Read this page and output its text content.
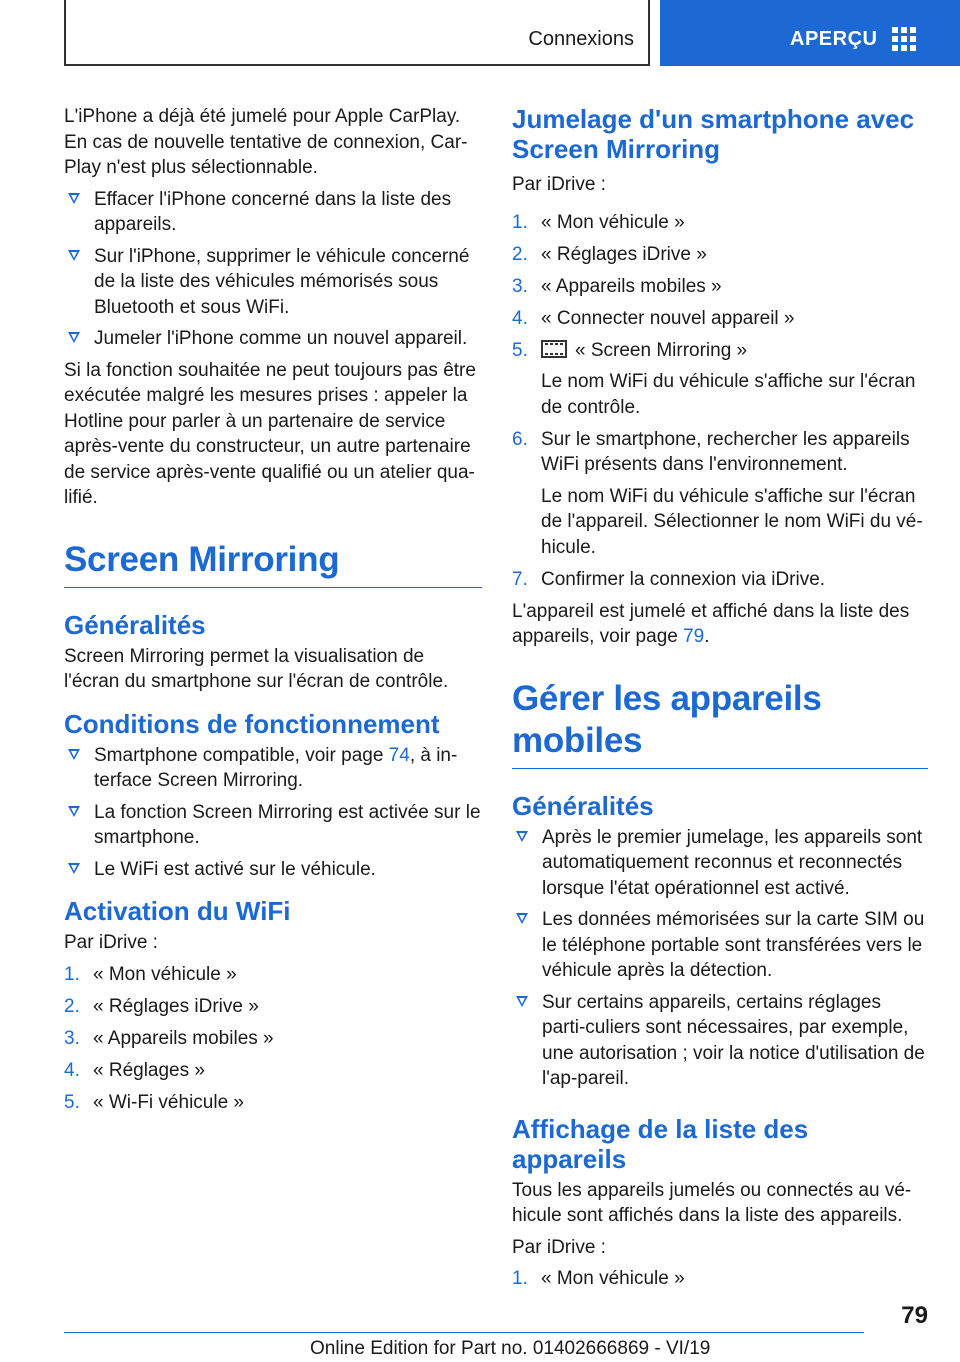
Connexions	APERÇU

L'iPhone a déjà été jumelé pour Apple CarPlay. En cas de nouvelle tentative de connexion, Car-Play n'est plus sélectionnable.

Effacer l'iPhone concerné dans la liste des appareils.
Sur l'iPhone, supprimer le véhicule concerné de la liste des véhicules mémorisés sous Bluetooth et sous WiFi.
Jumeler l'iPhone comme un nouvel appareil.

Si la fonction souhaitée ne peut toujours pas être exécutée malgré les mesures prises : appeler la Hotline pour parler à un partenaire de service après-vente du constructeur, un autre partenaire de service après-vente qualifié ou un atelier qua-lifié.

Screen Mirroring
Généralités

Screen Mirroring permet la visualisation de l'écran du smartphone sur l'écran de contrôle.

Conditions de fonctionnement
Smartphone compatible, voir page 74, à in-terface Screen Mirroring.
La fonction Screen Mirroring est activée sur le smartphone.
Le WiFi est activé sur le véhicule.
Activation du WiFi

Par iDrive :

1. « Mon véhicule »
2. « Réglages iDrive »
3. « Appareils mobiles »
4. « Réglages »
5. « Wi-Fi véhicule »
Jumelage d'un smartphone avec Screen Mirroring

Par iDrive :

1. « Mon véhicule »
2. « Réglages iDrive »
3. « Appareils mobiles »
4. « Connecter nouvel appareil »
5. « Screen Mirroring »
Le nom WiFi du véhicule s'affiche sur l'écran de contrôle.
6. Sur le smartphone, rechercher les appareils WiFi présents dans l'environnement.
Le nom WiFi du véhicule s'affiche sur l'écran de l'appareil. Sélectionner le nom WiFi du vé-hicule.
7. Confirmer la connexion via iDrive.

L'appareil est jumelé et affiché dans la liste des appareils, voir page 79.

Gérer les appareils mobiles
Généralités
Après le premier jumelage, les appareils sont automatiquement reconnus et reconnectés lorsque l'état opérationnel est activé.
Les données mémorisées sur la carte SIM ou le téléphone portable sont transférées vers le véhicule après la détection.
Sur certains appareils, certains réglages parti-culiers sont nécessaires, par exemple, une autorisation ; voir la notice d'utilisation de l'ap-pareil.
Affichage de la liste des appareils

Tous les appareils jumelés ou connectés au vé-hicule sont affichés dans la liste des appareils.

Par iDrive :

1. « Mon véhicule »
79
Online Edition for Part no. 01402666869 - VI/19
